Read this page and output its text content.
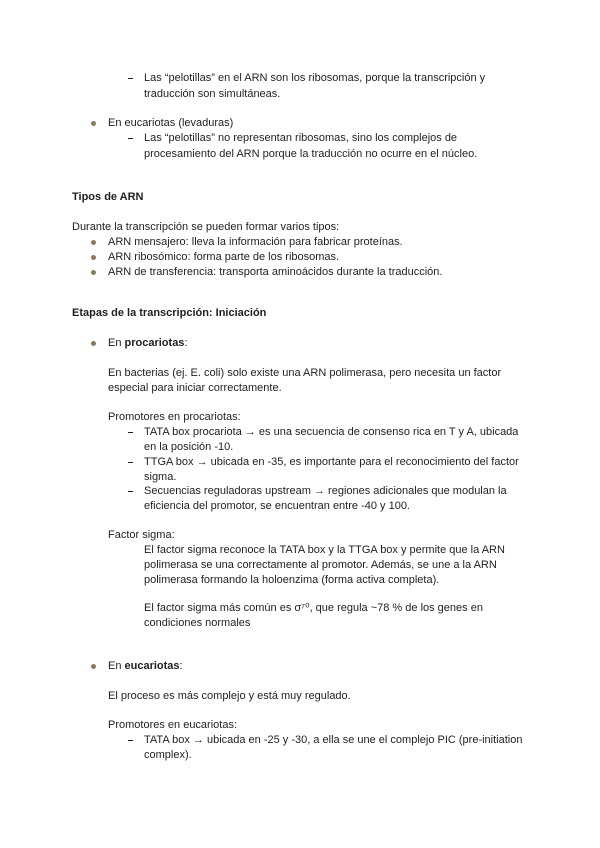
Las “pelotillas” en el ARN son los ribosomas, porque la transcripción y
traducción son simultáneas.
En eucariotas (levaduras)
Las “pelotillas” no representan ribosomas, sino los complejos de
procesamiento del ARN porque la traducción no ocurre en el núcleo.
Tipos de ARN
Durante la transcripción se pueden formar varios tipos:
ARN mensajero: lleva la información para fabricar proteínas.
ARN ribosómico: forma parte de los ribosomas.
ARN de transferencia: transporta aminoácidos durante la traducción.
Etapas de la transcripción: Iniciación
En procariotas:
En bacterias (ej. E. coli) solo existe una ARN polimerasa, pero necesita un factor
especial para iniciar correctamente.
Promotores en procariotas:
TATA box procariota → es una secuencia de consenso rica en T y A, ubicada
en la posición -10.
TTGA box → ubicada en -35, es importante para el reconocimiento del factor
sigma.
Secuencias reguladoras upstream → regiones adicionales que modulan la
eficiencia del promotor, se encuentran entre -40 y 100.
Factor sigma:
El factor sigma reconoce la TATA box y la TTGA box y permite que la ARN
polimerasa se una correctamente al promotor. Además, se une a la ARN
polimerasa formando la holoenzima (forma activa completa).
El factor sigma más común es σ⁷⁰, que regula ~78 % de los genes en
condiciones normales
En eucariotas:
El proceso es más complejo y está muy regulado.
Promotores en eucariotas:
TATA box → ubicada en -25 y -30, a ella se une el complejo PIC (pre-initiation
complex).
